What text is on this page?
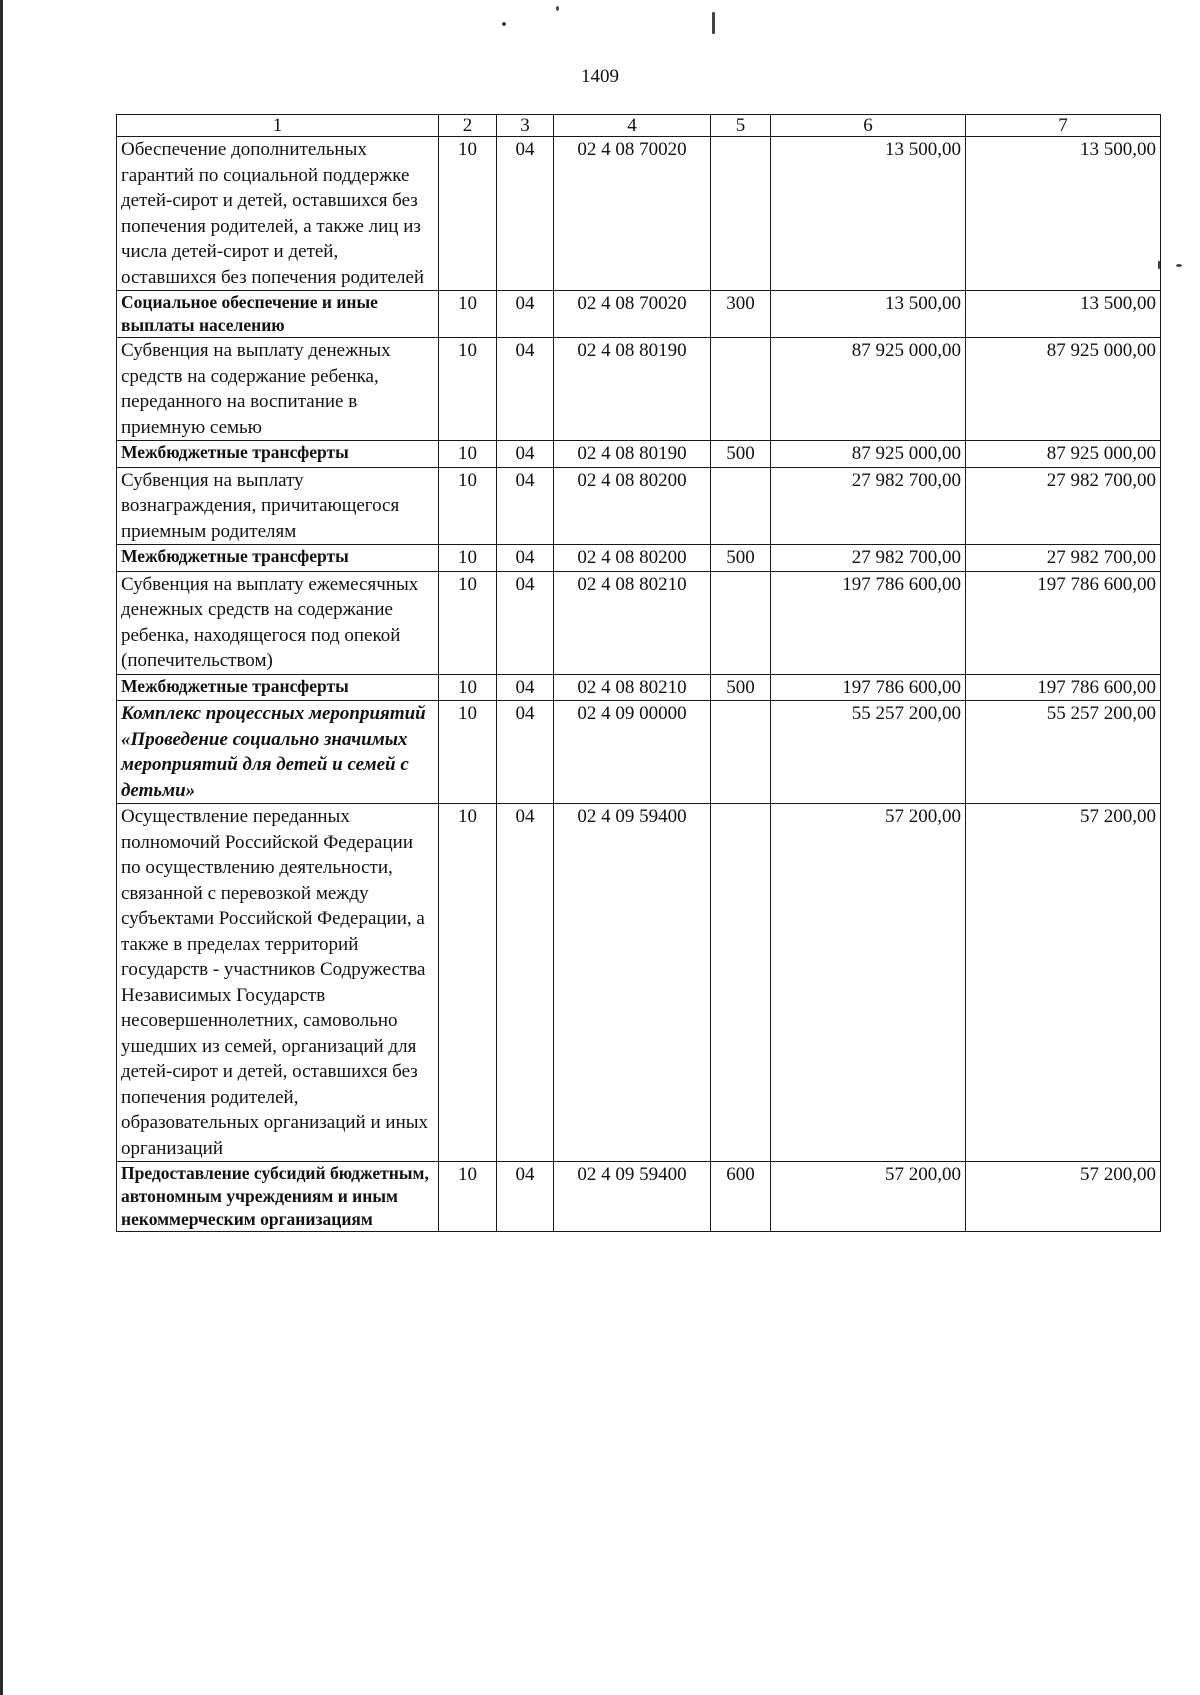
1409
1	2	3	4	5	6	7
Обеспечение дополнительных гарантий по социальной поддержке детей-сирот и детей, оставшихся без попечения родителей, а также лиц из числа детей-сирот и детей, оставшихся без попечения родителей	10	04	02 4 08 70020		13 500,00	13 500,00
Социальное обеспечение и иные выплаты населению	10	04	02 4 08 70020	300	13 500,00	13 500,00
Субвенция на выплату денежных средств на содержание ребенка, переданного на воспитание в приемную семью	10	04	02 4 08 80190		87 925 000,00	87 925 000,00
Межбюджетные трансферты	10	04	02 4 08 80190	500	87 925 000,00	87 925 000,00
Субвенция на выплату вознаграждения, причитающегося приемным родителям	10	04	02 4 08 80200		27 982 700,00	27 982 700,00
Межбюджетные трансферты	10	04	02 4 08 80200	500	27 982 700,00	27 982 700,00
Субвенция на выплату ежемесячных денежных средств на содержание ребенка, находящегося под опекой (попечительством)	10	04	02 4 08 80210		197 786 600,00	197 786 600,00
Межбюджетные трансферты	10	04	02 4 08 80210	500	197 786 600,00	197 786 600,00
Комплекс процессных мероприятий «Проведение социально значимых мероприятий для детей и семей с детьми»	10	04	02 4 09 00000		55 257 200,00	55 257 200,00
Осуществление переданных полномочий Российской Федерации по осуществлению деятельности, связанной с перевозкой между субъектами Российской Федерации, а также в пределах территорий государств - участников Содружества Независимых Государств несовершеннолетних, самовольно ушедших из семей, организаций для детей-сирот и детей, оставшихся без попечения родителей, образовательных организаций и иных организаций	10	04	02 4 09 59400		57 200,00	57 200,00
Предоставление субсидий бюджетным, автономным учреждениям и иным некоммерческим организациям	10	04	02 4 09 59400	600	57 200,00	57 200,00
